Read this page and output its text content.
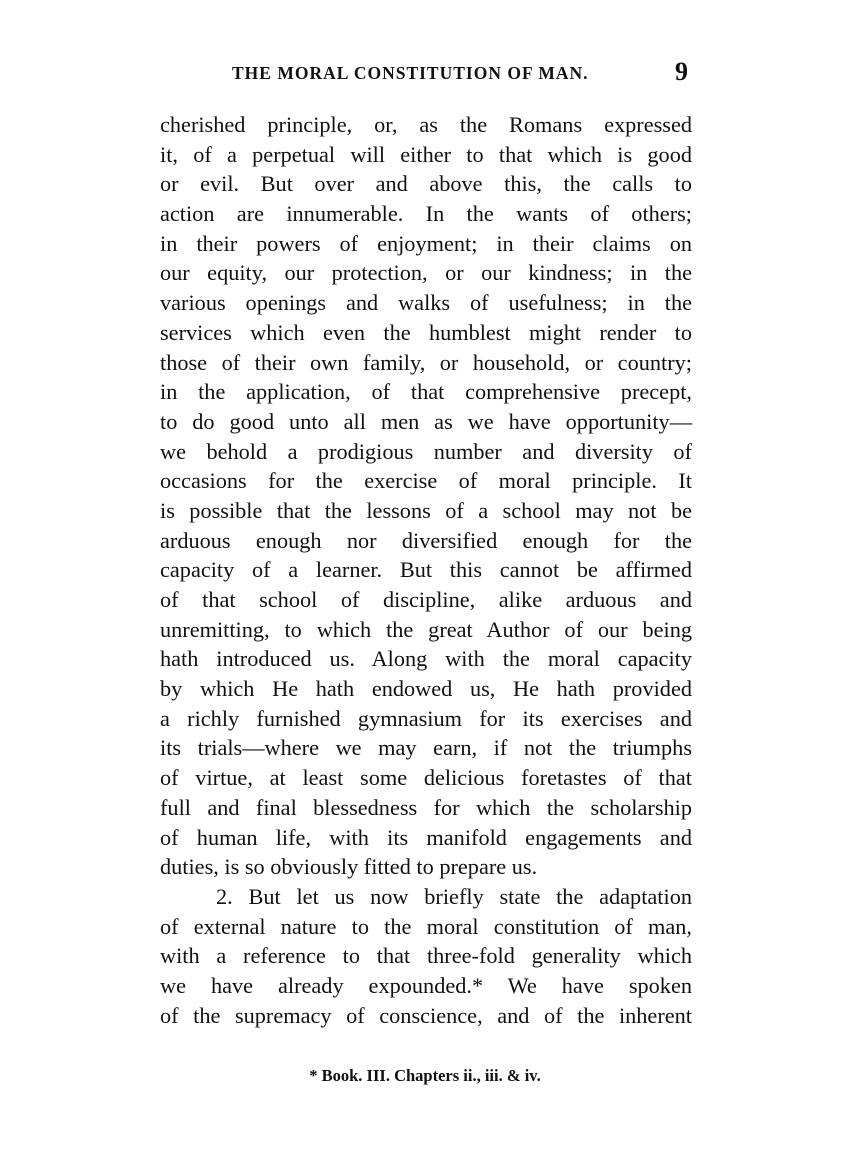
THE MORAL CONSTITUTION OF MAN.	9
cherished principle, or, as the Romans expressed
it, of a perpetual will either to that which is good
or evil. But over and above this, the calls to
action are innumerable. In the wants of others;
in their powers of enjoyment; in their claims on
our equity, our protection, or our kindness; in the
various openings and walks of usefulness; in the
services which even the humblest might render to
those of their own family, or household, or country;
in the application, of that comprehensive precept,
to do good unto all men as we have opportunity—
we behold a prodigious number and diversity of
occasions for the exercise of moral principle. It
is possible that the lessons of a school may not be
arduous enough nor diversified enough for the
capacity of a learner. But this cannot be affirmed
of that school of discipline, alike arduous and
unremitting, to which the great Author of our being
hath introduced us. Along with the moral capacity
by which He hath endowed us, He hath provided
a richly furnished gymnasium for its exercises and
its trials—where we may earn, if not the triumphs
of virtue, at least some delicious foretastes of that
full and final blessedness for which the scholarship
of human life, with its manifold engagements and
duties, is so obviously fitted to prepare us.
2. But let us now briefly state the adaptation
of external nature to the moral constitution of man,
with a reference to that three-fold generality which
we have already expounded.* We have spoken
of the supremacy of conscience, and of the inherent
* Book. III. Chapters ii., iii. & iv.
